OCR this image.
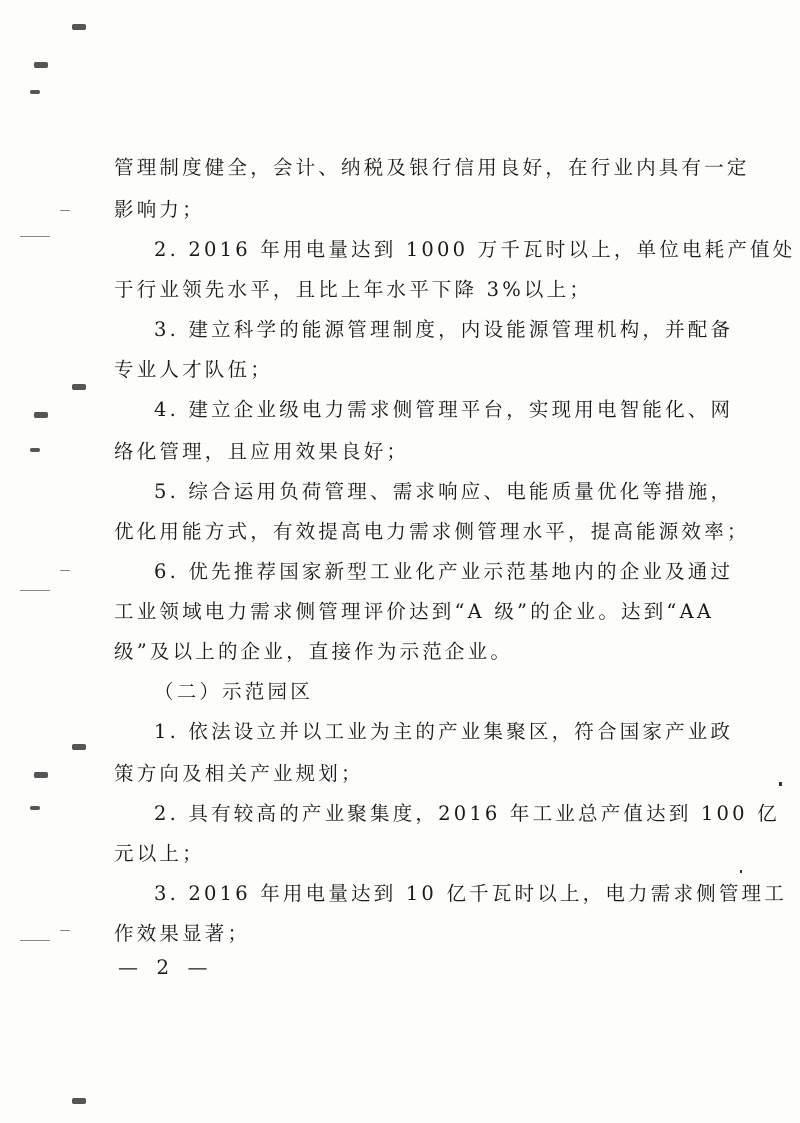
管理制度健全，会计、纳税及银行信用良好，在行业内具有一定
影响力；
2. 2016 年用电量达到 1000 万千瓦时以上，单位电耗产值处
于行业领先水平，且比上年水平下降 3%以上；
3. 建立科学的能源管理制度，内设能源管理机构，并配备
专业人才队伍；
4. 建立企业级电力需求侧管理平台，实现用电智能化、网
络化管理，且应用效果良好；
5. 综合运用负荷管理、需求响应、电能质量优化等措施，
优化用能方式，有效提高电力需求侧管理水平，提高能源效率；
6. 优先推荐国家新型工业化产业示范基地内的企业及通过
工业领域电力需求侧管理评价达到“A 级”的企业。达到“AA
级”及以上的企业，直接作为示范企业。
（二）示范园区
1. 依法设立并以工业为主的产业集聚区，符合国家产业政
策方向及相关产业规划；
2. 具有较高的产业聚集度，2016 年工业总产值达到 100 亿
元以上；
3. 2016 年用电量达到 10 亿千瓦时以上，电力需求侧管理工
作效果显著；
— 2 —
